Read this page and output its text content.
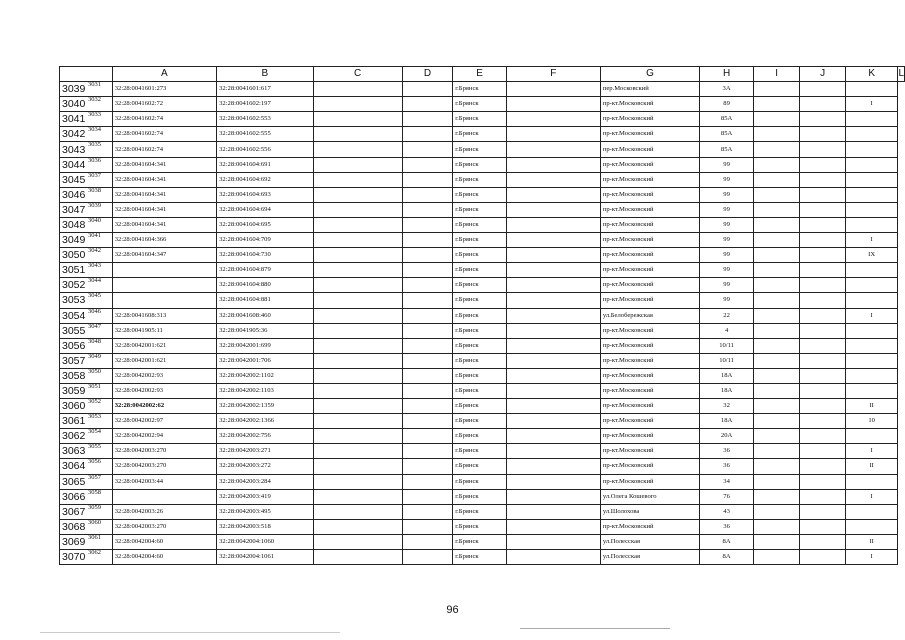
	A	B	C	D	E	F	G	H	I	J	K	L
3039 3031	32:28:0041601:273	32:28:0041601:617			г.Брянск		пер.Московский	3А				
3040 3032	32:28:0041602:72	32:28:0041602:197			г.Брянск		пр-кт.Московский	89			I	
3041 3033	32:28:0041602:74	32:28:0041602:553			г.Брянск		пр-кт.Московский	85А				
3042 3034	32:28:0041602:74	32:28:0041602:555			г.Брянск		пр-кт.Московский	85А				
3043 3035	32:28:0041602:74	32:28:0041602:556			г.Брянск		пр-кт.Московский	85А				
3044 3036	32:28:0041604:341	32:28:0041604:691			г.Брянск		пр-кт.Московский	99				
3045 3037	32:28:0041604:341	32:28:0041604:692			г.Брянск		пр-кт.Московский	99				
3046 3038	32:28:0041604:341	32:28:0041604:693			г.Брянск		пр-кт.Московский	99				
3047 3039	32:28:0041604:341	32:28:0041604:694			г.Брянск		пр-кт.Московский	99				
3048 3040	32:28:0041604:341	32:28:0041604:695			г.Брянск		пр-кт.Московский	99				
3049 3041	32:28:0041604:366	32:28:0041604:709			г.Брянск		пр-кт.Московский	99			I	
3050 3042	32:28:0041604:347	32:28:0041604:730			г.Брянск		пр-кт.Московский	99			IX	
3051 3043		32:28:0041604:879			г.Брянск		пр-кт.Московский	99				
3052 3044		32:28:0041604:880			г.Брянск		пр-кт.Московский	99				
3053 3045		32:28:0041604:881			г.Брянск		пр-кт.Московский	99				
3054 3046	32:28:0041608:313	32:28:0041608:460			г.Брянск		ул.Белобережская	22			I	
3055 3047	32:28:0041905:11	32:28:0041905:36			г.Брянск		пр-кт.Московский	4				
3056 3048	32:28:0042001:621	32:28:0042001:699			г.Брянск		пр-кт.Московский	10/11				
3057 3049	32:28:0042001:621	32:28:0042001:706			г.Брянск		пр-кт.Московский	10/11				
3058 3050	32:28:0042002:93	32:28:0042002:1102			г.Брянск		пр-кт.Московский	18А				
3059 3051	32:28:0042002:93	32:28:0042002:1103			г.Брянск		пр-кт.Московский	18А				
3060 3052	32:28:0042002:62	32:28:0042002:1359			г.Брянск		пр-кт.Московский	32			II	
3061 3053	32:28:0042002:97	32:28:0042002:1366			г.Брянск		пр-кт.Московский	18А			10	
3062 3054	32:28:0042002:94	32:28:0042002:756			г.Брянск		пр-кт.Московский	20А				
3063 3055	32:28:0042003:270	32:28:0042003:271			г.Брянск		пр-кт.Московский	36			I	
3064 3056	32:28:0042003:270	32:28:0042003:272			г.Брянск		пр-кт.Московский	36			II	
3065 3057	32:28:0042003:44	32:28:0042003:284			г.Брянск		пр-кт.Московский	34				
3066 3058		32:28:0042003:419			г.Брянск		ул.Олега Кошевого	76			I	
3067 3059	32:28:0042003:26	32:28:0042003:495			г.Брянск		ул.Шолохова	43				
3068 3060	32:28:0042003:270	32:28:0042003:518			г.Брянск		пр-кт.Московский	36				
3069 3061	32:28:0042004:60	32:28:0042004:1060			г.Брянск		ул.Полесская	8А			II	
3070 3062	32:28:0042004:60	32:28:0042004:1061			г.Брянск		ул.Полесская	8А			I	
96
